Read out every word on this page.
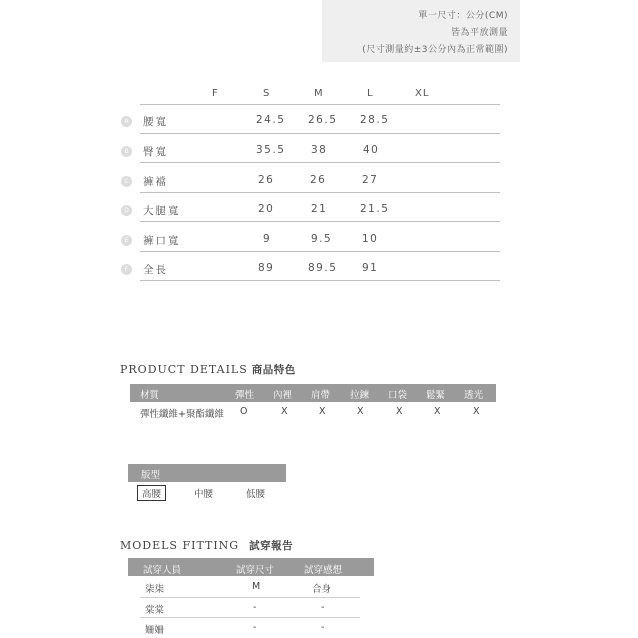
單一尺寸：公分(CM)
皆為平放測量
(尺寸測量約±3公分內為正常範圍)
F	S	M	L	XL
A	腰寬	24.5 26.5 28.5
B	臀寬	35.5 38	40
C	褲襠	26	26	27
D	大腿寬	20	21	21.5
E	褲口寬	9	9.5	10
F	全長	89	89.5 91
PRODUCT DETAILS 商品特色
材質	彈性 內裡 肩帶 拉鍊 口袋 鬆緊 透光
彈性纖維+聚酯纖維 O	X	X	X	X	X	X
版型
高腰	中腰	低腰
MODELS FITTING 試穿報告
試穿人員	試穿尺寸	試穿感想
柒柒	M	合身
棠棠	-	-
姍姍	-	-
